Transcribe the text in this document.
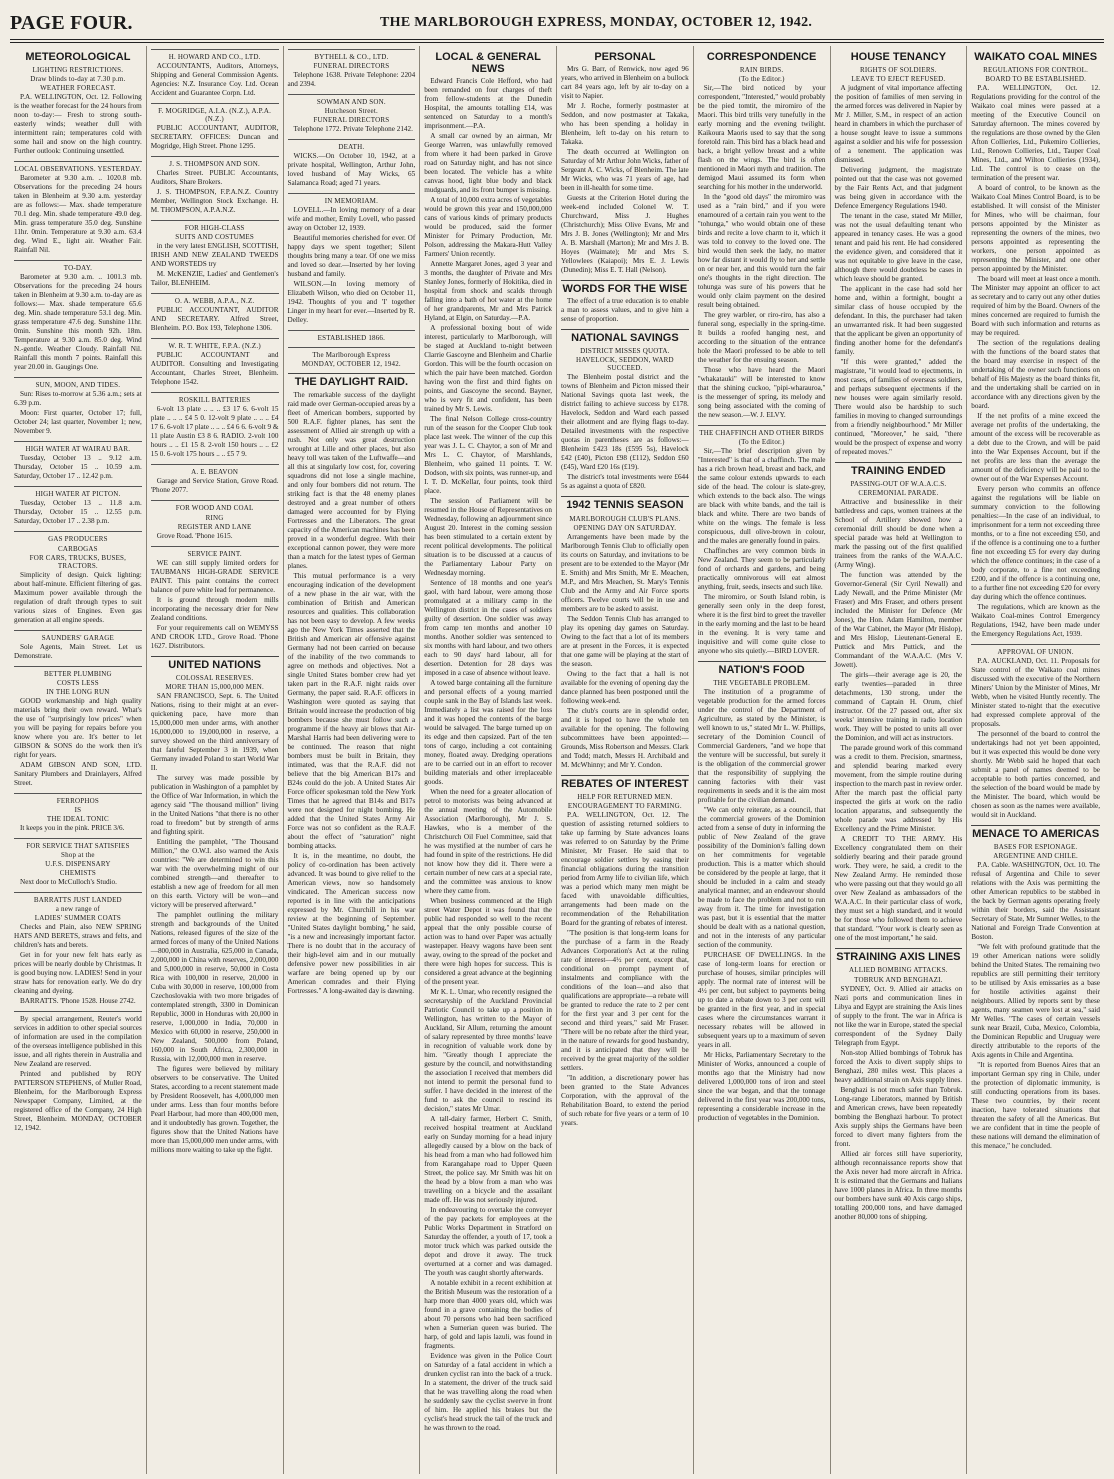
PAGE FOUR.	THE MARLBOROUGH EXPRESS, MONDAY, OCTOBER 12, 1942.
METEOROLOGICAL
LIGHTING RESTRICTIONS.
Draw blinds to-day at 7.30 p.m.
WEATHER FORECAST.

P.A. WELLINGTON, Oct. 12. Following is the weather forecast for the 24 hours from noon to-day:— Fresh to strong south-easterly winds; weather dull with intermittent rain; temperatures cold with some hail and snow on the high country. Further outlook: Continuing unsettled.

LOCAL OBSERVATIONS. YESTERDAY.

Barometer at 9.30 a.m. .. 1020.8 mb. Observations for the preceding 24 hours taken in Blenheim at 9.30 a.m. yesterday are as follows:— Max. shade temperature 70.1 deg. Min. shade temperature 49.0 deg. Min. grass temperature 35.0 deg. Sunshine 11hr. 0min. Temperature at 9.30 a.m. 63.4 deg. Wind E., light air. Weather Fair. Rainfall Nil.

TO-DAY.

Barometer at 9.30 a.m. .. 1001.3 mb. Observations for the preceding 24 hours taken in Blenheim at 9.30 a.m. to-day are as follows:— Max. shade temperature 65.6 deg. Min. shade temperature 53.1 deg. Min. grass temperature 47.6 deg. Sunshine 11hr. 0min. Sunshine this month 92h. 18m. Temperature at 9.30 a.m. 85.0 deg. Wind N.-gentle. Weather Cloudy. Rainfall Nil. Rainfall this month 7 points. Rainfall this year 20.00 in. Gaugings One.

SUN, MOON, AND TIDES.

Sun: Rises to-morrow at 5.36 a.m.; sets at 6.39 p.m.

Moon: First quarter, October 17; full, October 24; last quarter, November 1; new, November 9.

HIGH WATER AT WAIRAU BAR.

Tuesday, October 13 .. 9.12 a.m. Thursday, October 15 .. 10.59 a.m. Saturday, October 17 .. 12.42 p.m.

HIGH WATER AT PICTON.

Tuesday, October 13 .. 11.8 a.m. Thursday, October 15 .. 12.55 p.m. Saturday, October 17 .. 2.38 p.m.

GAS PRODUCERS
CARBOGAS
FOR CARS, TRUCKS, BUSES, TRACTORS.

Simplicity of design. Quick lighting: about half-minute. Efficient filtering of gas. Maximum power available through the regulation of draft through types to suit various sizes of Engines. Even gas generation at all engine speeds.

SAUNDERS' GARAGE

Sole Agents, Main Street. Let us Demonstrate.

BETTER PLUMBING
COSTS LESS
IN THE LONG RUN

GOOD workmanship and high quality materials bring their own reward. What's the use of "surprisingly low prices" when you will be paying for repairs before you know where you are. It's better to let GIBSON & SONS do the work then it's right for years.

ADAM GIBSON AND SON, LTD. Sanitary Plumbers and Drainlayers, Alfred Street.

FERROPHOS
IS
THE IDEAL TONIC

It keeps you in the pink. PRICE 3/6.

FOR SERVICE THAT SATISFIES
Shop at the
U.F.S. DISPENSARY
CHEMISTS

Next door to McCulloch's Studio.

BARRATTS JUST LANDED
a new range of
LADIES' SUMMER COATS

Checks and Plain, also NEW SPRING HATS AND BERETS, straws and felts, and children's hats and berets.

Get in for your new felt hats early as prices will be nearly double by Christmas. It is good buying now. LADIES! Send in your straw hats for renovation early. We do dry cleaning and dyeing.

BARRATTS. 'Phone 1528. House 2742.

By special arrangement, Reuter's world services in addition to other special sources of information are used in the compilation of the overseas intelligence published in this issue, and all rights therein in Australia and New Zealand are reserved.

Printed and published by ROY PATTERSON STEPHENS, of Muller Road, Blenheim, for the Marlborough Express Newspaper Company, Limited, at the registered office of the Company, 24 High Street, Blenheim. MONDAY, OCTOBER 12, 1942.

H. HOWARD AND CO., LTD.

ACCOUNTANTS, Auditors, Attorneys, Shipping and General Commission Agents. Agencies: N.Z. Insurance Coy. Ltd. Ocean Accident and Guarantee Corpn. Ltd.

F. MOGRIDGE, A.I.A. (N.Z.), A.P.A. (N.Z.)

PUBLIC ACCOUNTANT, AUDITOR, SECRETARY. OFFICES: Duncan and Mogridge, High Street. Phone 1295.

J. S. THOMPSON AND SON.

Charles Street. PUBLIC Accountants, Auditors, Share Brokers.

J. S. THOMPSON, F.P.A.N.Z. Country Member, Wellington Stock Exchange. H. M. THOMPSON, A.P.A.N.Z.

FOR HIGH-CLASS
SUITS AND COSTUMES

in the very latest ENGLISH, SCOTTISH, IRISH AND NEW ZEALAND TWEEDS AND WORSTEDS try

M. McKENZIE, Ladies' and Gentlemen's Tailor, BLENHEIM.

O. A. WEBB, A.P.A., N.Z.

PUBLIC ACCOUNTANT, AUDITOR AND SECRETARY. Alfred Street, Blenheim. P.O. Box 193, Telephone 1306.

W. R. T. WHITE, F.P.A. (N.Z.)

PUBLIC ACCOUNTANT and AUDITOR. Consulting and Investigating Accountant, Charles Street, Blenheim. Telephone 1542.

ROSKILL BATTERIES

6-volt 13 plate .. .. .. £3 17 6. 6-volt 15 plate .. .. .. £4 5 0. 12-volt 9 plate .. .. .. £4 17 6. 6-volt 17 plate .. .. .. £4 6 6. 6-volt 9 & 11 plate Austin £3 8 6. RADIO. 2-volt 100 hours .. .. £1 15 8. 2-volt 150 hours .. .. £2 15 0. 6-volt 175 hours .. .. £5 7 9.

A. E. BEAVON

Garage and Service Station, Grove Road. 'Phone 2077.

FOR WOOD AND COAL
RING
REGISTER AND LANE

Grove Road. 'Phone 1615.

SERVICE PAINT.

WE can still supply limited orders for TAUBMANS HIGH-GRADE SERVICE PAINT. This paint contains the correct balance of pure white lead for permanence.

It is ground through modern mills incorporating the necessary drier for New Zealand conditions.

For your requirements call on WEMYSS AND CROOK LTD., Grove Road. 'Phone 1627. Distributors.

UNITED NATIONS
COLOSSAL RESERVES.
MORE THAN 15,000,000 MEN.

SAN FRANCISCO, Sept. 6. The United Nations, rising to their might at an ever-quickening pace, have more than 15,000,000 men under arms, with another 16,000,000 to 19,000,000 in reserve, a survey showed on the third anniversary of that fateful September 3 in 1939, when Germany invaded Poland to start World War II.

The survey was made possible by publication in Washington of a pamphlet by the Office of War Information, in which the agency said "The thousand million" living in the United Nations "that there is no other road to freedom" but by strength of arms and fighting spirit.

Entitling the pamphlet, "The Thousand Million," the O.W.I. also warned the Axis countries: "We are determined to win this war with the overwhelming might of our combined strength—and thereafter to establish a new age of freedom for all men on this earth. Victory will be won—and victory will be preserved afterward."

The pamphlet outlining the military strength and backgrounds of the United Nations, released figures of the size of the armed forces of many of the United Nations—800,000 in Australia, 625,000 in Canada, 2,000,000 in China with reserves, 2,000,000 and 5,000,000 in reserve, 50,000 in Costa Rica with 100,000 in reserve, 20,000 in Cuba with 30,000 in reserve, 100,000 from Czechoslovakia with two more brigades of contemplated strength, 3300 in Dominican Republic, 3000 in Honduras with 20,000 in reserve, 1,000,000 in India, 70,000 in Mexico with 60,000 in reserve, 250,000 in New Zealand, 500,000 from Poland, 160,000 in South Africa, 2,300,000 in Russia, with 12,000,000 men in reserve.

The figures were believed by military observers to be conservative. The United States, according to a recent statement made by President Roosevelt, has 4,000,000 men under arms. Less than four months before Pearl Harbour, had more than 400,000 men, and it undoubtedly has grown. Together, the figures show that the United Nations have more than 15,000,000 men under arms, with millions more waiting to take up the fight.

BYTHELL & CO., LTD.
FUNERAL DIRECTORS

Telephone 1638. Private Telephone: 2204 and 2394.

SOWMAN AND SON.
Hutcheson Street.
FUNERAL DIRECTORS

Telephone 1772. Private Telephone 2142.

DEATH.

WICKS.—On October 10, 1942, at a private hospital, Wellington, Arthur John, loved husband of May Wicks, 65 Salamanca Road; aged 71 years.

IN MEMORIAM.

LOVELL.—In loving memory of a dear wife and mother, Emily Lovell, who passed away on October 12, 1939.

Beautiful memories cherished for ever. Of happy days we spent together; Silent thoughts bring many a tear. Of one we miss and loved so dear.—Inserted by her loving husband and family.

WILSON.—In loving memory of Elizabeth Wilson, who died on October 11, 1942. Thoughts of you and 'I' together Linger in my heart for ever.—Inserted by R. Delley.

ESTABLISHED 1866.
The Marlborough Express
MONDAY, OCTOBER 12, 1942.
THE DAYLIGHT RAID.

The remarkable success of the daylight raid made over German-occupied areas by a fleet of American bombers, supported by 500 R.A.F. fighter planes, has sent the assessment of Allied air strength up with a rush. Not only was great destruction wrought at Lille and other places, but also heavy toll was taken of the Luftwaffe—and all this at singularly low cost, for, covering squadrons did not lose a single machine, and only four bombers did not return. The striking fact is that the 48 enemy planes destroyed and a great number of others damaged were accounted for by Flying Fortresses and the Liberators. The great capacity of the American machines has been proved in a wonderful degree. With their exceptional cannon power, they were more than a match for the latest types of German planes.

This mutual performance is a very encouraging indication of the development of a new phase in the air war, with the combination of British and American resources and qualities. This collaboration has not been easy to develop. A few weeks ago the New York Times asserted that the British and American air offensive against Germany had not been carried on because of the inability of the two commands to agree on methods and objectives. Not a single United States bomber crew had yet taken part in the R.A.F. night raids over Germany, the paper said. R.A.F. officers in Washington were quoted as saying that Britain would increase the production of big bombers because she must follow such a programme if the heavy air blows that Air-Marshal Harris had been delivering were to be continued. The reason that night bombers must be built in Britain, they intimated, was that the R.A.F. did not believe that the big American B17s and B24s could do the job. A United States Air Force officer spokesman told the New York Times that he agreed that B14s and B17s were not designed for night bombing. He added that the United States Army Air Force was not so confident as the R.A.F. about the effect of "saturation" night bombing attacks.

It is, in the meantime, no doubt, the policy of co-ordination has been actively advanced. It was bound to give relief to the American views, now so handsomely vindicated. The American success now reported is in line with the anticipations expressed by Mr. Churchill in his war review at the beginning of September. "United States daylight bombing," he said, "is a new and increasingly important factor. There is no doubt that in the accuracy of their high-level aim and in our mutually defensive power new possibilities in air warfare are being opened up by our American comrades and their Flying Fortresses." A long-awaited day is dawning.

LOCAL & GENERAL NEWS

Edward Francis Cole Hefford, who had been remanded on four charges of theft from fellow-students at the Dunedin Hospital, the amounts totalling £14, was sentenced on Saturday to a month's imprisonment.—P.A.

A small car owned by an airman, Mr George Warren, was unlawfully removed from where it had been parked in Grove road on Saturday night, and has not since been located. The vehicle has a white canvas hood, light blue body and black mudguards, and its front bumper is missing.

A total of 10,000 extra acres of vegetables would be grown this year and 150,000,000 cans of various kinds of primary products would be produced, said the former Minister for Primary Production, Mr. Polson, addressing the Makara-Hutt Valley Farmers' Union recently.

Annette Margaret Jones, aged 3 year and 3 months, the daughter of Private and Mrs Stanley Jones, formerly of Hokitika, died in hospital from shock and scalds through falling into a bath of hot water at the home of her grandparents, Mr and Mrs Patrick Hyland, at Elgin, on Saturday.—P.A.

A professional boxing bout of wide interest, particularly to Marlborough, will be staged at Auckland to-night between Clarrie Gascoyne and Blenheim and Charlie Gordon. This will be the fourth occasion on which the pair have been matched. Gordon having won the first and third fights on points, and Gascoyne the second. Bayner, who is very fit and confident, has been trained by Mr S. Lewis.

The final Nelson College cross-country run of the season for the Cooper Club took place last week. The winner of the cup this year was J. L. C. Chaytor, a son of Mr and Mrs L. C. Chaytor, of Marshlands, Blenheim, who gained 11 points. T. W. Dodson, with six points, was runner-up, and I. T. D. McKellar, four points, took third place.

The session of Parliament will be resumed in the House of Representatives on Wednesday, following an adjournment since August 20. Interest in the coming session has been stimulated to a certain extent by recent political developments. The political situation is to be discussed at a caucus of the Parliamentary Labour Party on Wednesday morning.

Sentence of 18 months and one year's gaol, with hard labour, were among those promulgated at a military camp in the Wellington district in the cases of soldiers guilty of desertion. One soldier was away from camp ten months and another 10 months. Another soldier was sentenced to six months with hard labour, and two others each to 90 days' hard labour, all for desertion. Detention for 28 days was imposed in a case of absence without leave.

A towed barge containing all the furniture and personal effects of a young married couple sank in the Bay of Islands last week. Immediately a list was raised for the loss and it was hoped the contents of the barge would be salvaged. The barge turned up on its edge and then capsized. Part of the ten tons of cargo, including a cot containing money, floated away. Dredging operations are to be carried out in an effort to recover building materials and other irreplaceable goods.

When the need for a greater allocation of petrol to motorists was being advanced at the annual meeting of the Automobile Association (Marlborough), Mr J. S. Hawkes, who is a member of the Christchurch Oil Fuel Committee, said that he was mystified at the number of cars he had found in spite of the restrictions. He did not know how they did it. There were a certain number of new cars at a special rate, and the committee was anxious to know where they came from.

When business commenced at the High street Water Depot it was found that the public had responded so well to the recent appeal that the only possible course of action was to hand over Paper was actually wastepaper. Heavy wagons have been sent away, owing to the spread of the pocket and there were high hopes for success. This is considered a great advance at the beginning of the present year.

Mr K. L. Umar, who recently resigned the secretaryship of the Auckland Provincial Patriotic Council to take up a position in Wellington, has written to the Mayor of Auckland, Sir Allum, returning the amount of salary represented by three months' leave in recognition of valuable work done by him. "Greatly though I appreciate the gesture by the council, and notwithstanding the association I received that members did not intend to permit the personal fund to suffer. I have decided in the interest of the fund to ask the council to rescind its decision," states Mr Umar.

A tall-dairy farmer, Herbert C. Smith, received hospital treatment at Auckland early on Sunday morning for a head injury allegedly caused by a blow on the back of his head from a man who had followed him from Karangahape road to Upper Queen Street, the police say. Mr Smith was hit on the head by a blow from a man who was travelling on a bicycle and the assailant made off. He was not seriously injured.

In endeavouring to overtake the conveyer of the pay packets for employees at the Public Works Department in Stratford on Saturday the offender, a youth of 17, took a motor truck which was parked outside the depot and drove it away. The truck overturned at a corner and was damaged. The youth was caught shortly afterwards.

A notable exhibit in a recent exhibition at the British Museum was the restoration of a harp more than 4000 years old, which was found in a grave containing the bodies of about 70 persons who had been sacrificed when a Sumerian queen was buried. The harp, of gold and lapis lazuli, was found in fragments.

Evidence was given in the Police Court on Saturday of a fatal accident in which a drunken cyclist ran into the back of a truck. In a statement, the driver of the truck said that he was travelling along the road when he suddenly saw the cyclist swerve in front of him. He applied his brakes but the cyclist's head struck the tail of the truck and he was thrown to the road.

PERSONAL

Mrs G. Barr, of Renwick, now aged 96 years, who arrived in Blenheim on a bullock cart 84 years ago, left by air to-day on a visit to Napier.

Mr J. Roche, formerly postmaster at Seddon, and now postmaster at Takaka, who has been spending a holiday in Blenheim, left to-day on his return to Takaka.

The death occurred at Wellington on Saturday of Mr Arthur John Wicks, father of Sergeant A. C. Wicks, of Blenheim. The late Mr Wicks, who was 71 years of age, had been in ill-health for some time.

Guests at the Criterion Hotel during the week-end included Colonel W. T. Churchward, Miss J. Hughes (Christchurch); Miss Olive Evans, Mr and Mrs J. B. Jones (Wellington); Mr and Mrs A. B. Marshall (Marton); Mr and Mrs J. B. Hoyes (Waimate); Mr and Mrs S. Yellowlees (Kaiapoi); Mrs E. J. Lewis (Dunedin); Miss E. T. Hall (Nelson).

WORDS FOR THE WISE

The effect of a true education is to enable a man to assess values, and to give him a sense of proportion.

NATIONAL SAVINGS
DISTRICT MISSES QUOTA.
HAVELOCK, SEDDON, WARD SUCCEED.

The Blenheim postal district and the towns of Blenheim and Picton missed their National Savings quota last week, the district failing to achieve success by £178. Havelock, Seddon and Ward each passed their allotment and are flying flags to-day. Detailed investments with the respective quotas in parentheses are as follows:—Blenheim £423 18s (£595 5s), Havelock £42 (£40), Picton £98 (£112), Seddon £60 (£45), Ward £20 16s (£19).

The district's total investments were £644 5s as against a quota of £820.

1942 TENNIS SEASON
MARLBOROUGH CLUB'S PLANS.
OPENING DAY ON SATURDAY.

Arrangements have been made by the Marlborough Tennis Club to officially open its courts on Saturday, and invitations to be present are to be extended to the Mayor (Mr E. Smith) and Mrs Smith, Mr E. Meachen, M.P., and Mrs Meachen, St. Mary's Tennis Club and the Army and Air Force sports officers. Twelve courts will be in use and members are to be asked to assist.

The Seddon Tennis Club has arranged to play its opening day games on Saturday. Owing to the fact that a lot of its members are at present in the Forces, it is expected that one game will be playing at the start of the season.

Owing to the fact that a hall is not available for the evening of opening day the dance planned has been postponed until the following week-end.

The club's courts are in splendid order, and it is hoped to have the whole ten available for the opening. The following subcommittees have been appointed:—Grounds, Miss Robertson and Messrs. Clark and Todd; match, Messrs H. Archibald and M. McWhinny; and Mr Y. Condon.

REBATES OF INTEREST
HELP FOR RETURNED MEN.
ENCOURAGEMENT TO FARMING.

P.A. WELLINGTON, Oct. 12. The question of assisting returned soldiers to take up farming by State advances loans was referred to on Saturday by the Prime Minister, Mr Fraser. He said that to encourage soldier settlers by easing their financial obligations during the transition period from Army life to civilian life, which was a period which many men might be faced with unavoidable difficulties, arrangements had been made on the recommendation of the Rehabilitation Board for the granting of rebates of interest.

"The position is that long-term loans for the purchase of a farm in the Ready Advances Corporation's Act at the ruling rate of interest—4½ per cent, except that, conditional on prompt payment of instalments and compliance with the conditions of the loan—and also that qualifications are appropriate—a rebate will be granted to reduce the rate to 2 per cent for the first year and 3 per cent for the second and third years," said Mr Fraser. "There will be no rebate after the third year, in the nature of rewards for good husbandry, and it is anticipated that they will be received by the great majority of the soldier settlers.

"In addition, a discretionary power has been granted to the State Advances Corporation, with the approval of the Rehabilitation Board, to extend the period of such rebate for five years or a term of 10 years.

CORRESPONDENCE
RAIN BIRDS.
(To the Editor.)

Sir,—The bird noticed by your correspondent, "Interested," would probably be the pied tomtit, the miromiro of the Maori. This bird trills very tunefully in the early morning and the evening twilight. Kaikoura Maoris used to say that the song foretold rain. This bird has a black head and back, a bright yellow breast and a white flash on the wings. The bird is often mentioned in Maori myth and tradition. The demigod Maui assumed its form when searching for his mother in the underworld.

In the "good old days" the miromiro was used as a "rain bird," and if you were enamoured of a certain rain you went to the "tohunga," who would obtain one of these birds and recite a love charm to it, which it was told to convey to the loved one. The bird would then seek the lady, no matter how far distant it would fly to her and settle on or near her, and this would turn the fair one's thoughts in the right direction. The tohunga was sure of his powers that he would only claim payment on the desired result being obtained.

The grey warbler, or riro-riro, has also a funeral song, especially in the spring-time. It builds a roofed hanging nest, and according to the situation of the entrance hole the Maori professed to be able to tell the weather for the ensuing season.

Those who have heard the Maori "whakatauki" will be interested to know that the shining cuckoo, "pipi-wharauroa," is the messenger of spring, its melody and song being associated with the coming of the new season.—W. J. ELVY.

THE CHAFFINCH AND OTHER BIRDS
(To the Editor.)

Sir,—The brief description given by "Interested" is that of a chaffinch. The male has a rich brown head, breast and back, and the same colour extends upwards to each side of the head. The colour is slate-grey, which extends to the back also. The wings are black with white bands, and the tail is black and white. There are two bands of white on the wings. The female is less conspicuous, dull olive-brown in colour, and the males are generally found in pairs.

Chaffinches are very common birds in New Zealand. They seem to be particularly fond of orchards and gardens, and being practically omnivorous will eat almost anything, fruit, seeds, insects and such like.

The miromiro, or South Island robin, is generally seen only in the deep forest, where it is the first bird to greet the traveller in the early morning and the last to be heard in the evening. It is very tame and inquisitive and will come quite close to anyone who sits quietly.—BIRD LOVER.

NATION'S FOOD
THE VEGETABLE PROBLEM.

The institution of a programme of vegetable production for the armed forces under the control of the Department of Agriculture, as stated by the Minister, is well known to us," stated Mr L. W. Phillips, secretary of the Dominion Council of Commercial Gardeners, "and we hope that the venture will be successful, but surely it is the obligation of the commercial grower that the responsibility of supplying the canning factories with their vast requirements in seeds and it is the aim most profitable for the civilian demand.

"We can only reiterate, as a council, that the commercial growers of the Dominion acted from a sense of duty in informing the public of New Zealand of the grave possibility of the Dominion's falling down on her commitments for vegetable production. This is a matter which should be considered by the people at large, that it should be included in a calm and steady analytical manner, and an endeavour should be made to face the problem and not to run away from it. The time for investigation was past, but it is essential that the matter should be dealt with as a national question, and not in the interests of any particular section of the community.

PURCHASE OF DWELLINGS. In the case of long-term loans for erection or purchase of houses, similar principles will apply. The normal rate of interest will be 4½ per cent, but subject to payments being up to date a rebate down to 3 per cent will be granted in the first year, and in special cases where the circumstances warrant it necessary rebates will be allowed in subsequent years up to a maximum of seven years in all.

Mr Hicks, Parliamentary Secretary to the Minister of Works, announced a couple of months ago that the Ministry had now delivered 1,000,000 tons of iron and steel since the war began, and that the tonnage delivered in the first year was 200,000 tons, representing a considerable increase in the production of vegetables in the Dominion.

HOUSE TENANCY
RIGHTS OF SOLDIERS.
LEAVE TO EJECT REFUSED.

A judgment of vital importance affecting the position of families of men serving in the armed forces was delivered in Napier by Mr J. Miller, S.M., in respect of an action heard in chambers in which the purchaser of a house sought leave to issue a summons against a soldier and his wife for possession of a tenement. The application was dismissed.

Delivering judgment, the magistrate pointed out that the case was not governed by the Fair Rents Act, and that judgment was being given in accordance with the Defence Emergency Regulations 1940.

The tenant in the case, stated Mr Miller, was not the usual defaulting tenant who appeared in tenancy cases. He was a good tenant and paid his rent. He had considered the evidence given, and considered that it was not equitable to give leave in the case, although there would doubtless be cases in which leave should be granted.

The applicant in the case had sold her home and, within a fortnight, bought a similar class of house occupied by the defendant. In this, the purchaser had taken an unwarranted risk. It had been suggested that the applicant be given an opportunity of finding another home for the defendant's family.

"If this were granted," added the magistrate, "it would lead to ejectments, in most cases, of families of overseas soldiers, and perhaps subsequent ejectments if the new houses were again similarly resold. There would also be hardship to such families in moving to changed surroundings from a friendly neighbourhood." Mr Miller continued, "Moreover," he said, "there would be the prospect of expense and worry of repeated moves."

TRAINING ENDED
PASSING-OUT OF W.A.A.C.S.
CEREMONIAL PARADE.

Attractive and businesslike in their battledress and caps, women trainees at the School of Artillery showed how a ceremonial drill should be done when a special parade was held at Wellington to mark the passing out of the first qualified trainees from the ranks of the W.A.A.C. (Army Wing).

The function was attended by the Governor-General (Sir Cyril Newall) and Lady Newall, and the Prime Minister (Mr Fraser) and Mrs Fraser, and others present included the Minister for Defence (Mr Jones), the Hon. Adam Hamilton, member of the War Cabinet, the Mayor (Mr Hislop), and Mrs Hislop, Lieutenant-General E. Puttick and Mrs Puttick, and the Commandant of the W.A.A.C. (Mrs V. Jowett).

The girls—their average age is 20, the early twenties—paraded in three detachments, 130 strong, under the command of Captain H. Orum, chief instructor. Of the 27 passed out, after six weeks' intensive training in radio location work. They will be posted to units all over the Dominion, and will act as instructors.

The parade ground work of this command was a credit to them. Precision, smartness, and splendid bearing marked every movement, from the simple routine during inspection to the march past in review order. After the march past the official party inspected the girls at work on the radio location apparatus, and subsequently the whole parade was addressed by His Excellency and the Prime Minister.

A CREDIT TO THE ARMY. His Excellency congratulated them on their soldierly bearing and their parade ground work. They were, he said, a credit to the New Zealand Army. He reminded those who were passing out that they would go all over New Zealand as ambassadors of the W.A.A.C. In their particular class of work, they must set a high standard, and it would be for those who followed them to achieve that standard. "Your work is clearly seen as one of the most important," he said.

STRAINING AXIS LINES
ALLIED BOMBING ATTACKS.
TOBRUK AND BENGHAZI.

SYDNEY, Oct. 9. Allied air attacks on Nazi ports and communication lines in Libya and Egypt are straining the Axis lines of supply to the front. The war in Africa is not like the war in Europe, stated the special correspondent of the Sydney Daily Telegraph from Egypt.

Non-stop Allied bombings of Tobruk has forced the Axis to divert supply ships to Benghazi, 280 miles west. This places a heavy additional strain on Axis supply lines.

Benghazi is not much safer than Tobruk. Long-range Liberators, manned by British and American crews, have been repeatedly bombing the Benghazi harbour. To protect Axis supply ships the Germans have been forced to divert many fighters from the front.

Allied air forces still have superiority, although reconnaissance reports show that the Axis never had more aircraft in Africa. It is estimated that the Germans and Italians have 1000 planes in Africa. In three months our bombers have sunk 40 Axis cargo ships, totalling 200,000 tons, and have damaged another 80,000 tons of shipping.

WAIKATO COAL MINES
REGULATIONS FOR CONTROL.
BOARD TO BE ESTABLISHED.

P.A. WELLINGTON, Oct. 12. Regulations providing for the control of the Waikato coal mines were passed at a meeting of the Executive Council on Saturday afternoon. The mines covered by the regulations are those owned by the Glen Afton Collieries, Ltd., Pukemiro Collieries, Ltd., Renown Collieries, Ltd., Tauper Coal Mines, Ltd., and Wilton Collieries (1934), Ltd. The control is to cease on the termination of the present war.

A board of control, to be known as the Waikato Coal Mines Control Board, is to be established. It will consist of the Minister for Mines, who will be chairman, four persons appointed by the Minister as representing the owners of the mines, two persons appointed as representing the workers, one person appointed as representing the Minister, and one other person appointed by the Minister.

The board will meet at least once a month. The Minister may appoint an officer to act as secretary and to carry out any other duties required of him by the Board. Owners of the mines concerned are required to furnish the Board with such information and returns as may be required.

The section of the regulations dealing with the functions of the board states that the board may exercise in respect of the undertaking of the owner such functions on behalf of His Majesty as the board thinks fit, and the undertaking shall be carried on in accordance with any directions given by the board.

If the net profits of a mine exceed the average net profits of the undertaking, the amount of the excess will be recoverable as a debt due to the Crown, and will be paid into the War Expenses Account, but if the net profits are less than the average the amount of the deficiency will be paid to the owner out of the War Expenses Account.

Every person who commits an offence against the regulations will be liable on summary conviction to the following penalties:—In the case of an individual, to imprisonment for a term not exceeding three months, or to a fine not exceeding £50, and if the offence is a continuing one to a further fine not exceeding £5 for every day during which the offence continues; in the case of a body corporate, to a fine not exceeding £200, and if the offence is a continuing one, to a further fine not exceeding £20 for every day during which the offence continues.

The regulations, which are known as the Waikato Coal-mines Control Emergency Regulations, 1942, have been made under the Emergency Regulations Act, 1939.

APPROVAL OF UNION.

P.A. AUCKLAND, Oct. 11. Proposals for State control of the Waikato coal mines discussed with the executive of the Northern Miners' Union by the Minister of Mines, Mr Webb, when he visited Huntly recently. The Minister stated to-night that the executive had expressed complete approval of the proposals.

The personnel of the board to control the undertakings had not yet been appointed, but it was expected this would be done very shortly. Mr Webb said he hoped that each submit a panel of names deemed to be acceptable to both parties concerned, and the selection of the board would be made by the Minister. The board, which would be chosen as soon as the names were available, would sit in Auckland.

MENACE TO AMERICAS
BASES FOR ESPIONAGE.
ARGENTINE AND CHILE.

P.A. Cable. WASHINGTON, Oct. 10. The refusal of Argentina and Chile to sever relations with the Axis was permitting the other American republics to be stabbed in the back by German agents operating freely within their borders, said the Assistant Secretary of State, Mr Sumner Welles, to the National and Foreign Trade Convention at Boston.

"We felt with profound gratitude that the 19 other American nations were solidly behind the United States. The remaining two republics are still permitting their territory to be utilised by Axis emissaries as a base for hostile activities against their neighbours. Allied by reports sent by these agents, many seamen were lost at sea," said Mr Welles. "The cases of certain vessels sunk near Brazil, Cuba, Mexico, Colombia, the Dominican Republic and Uruguay were directly attributable to the reports of the Axis agents in Chile and Argentina.

"It is reported from Buenos Aires that an important German spy ring in Chile, under the protection of diplomatic immunity, is still conducting operations from its bases. These two countries, by their recent inaction, have tolerated situations that threaten the safety of all the Americas. But we are confident that in time the people of these nations will demand the elimination of this menace," he concluded.
